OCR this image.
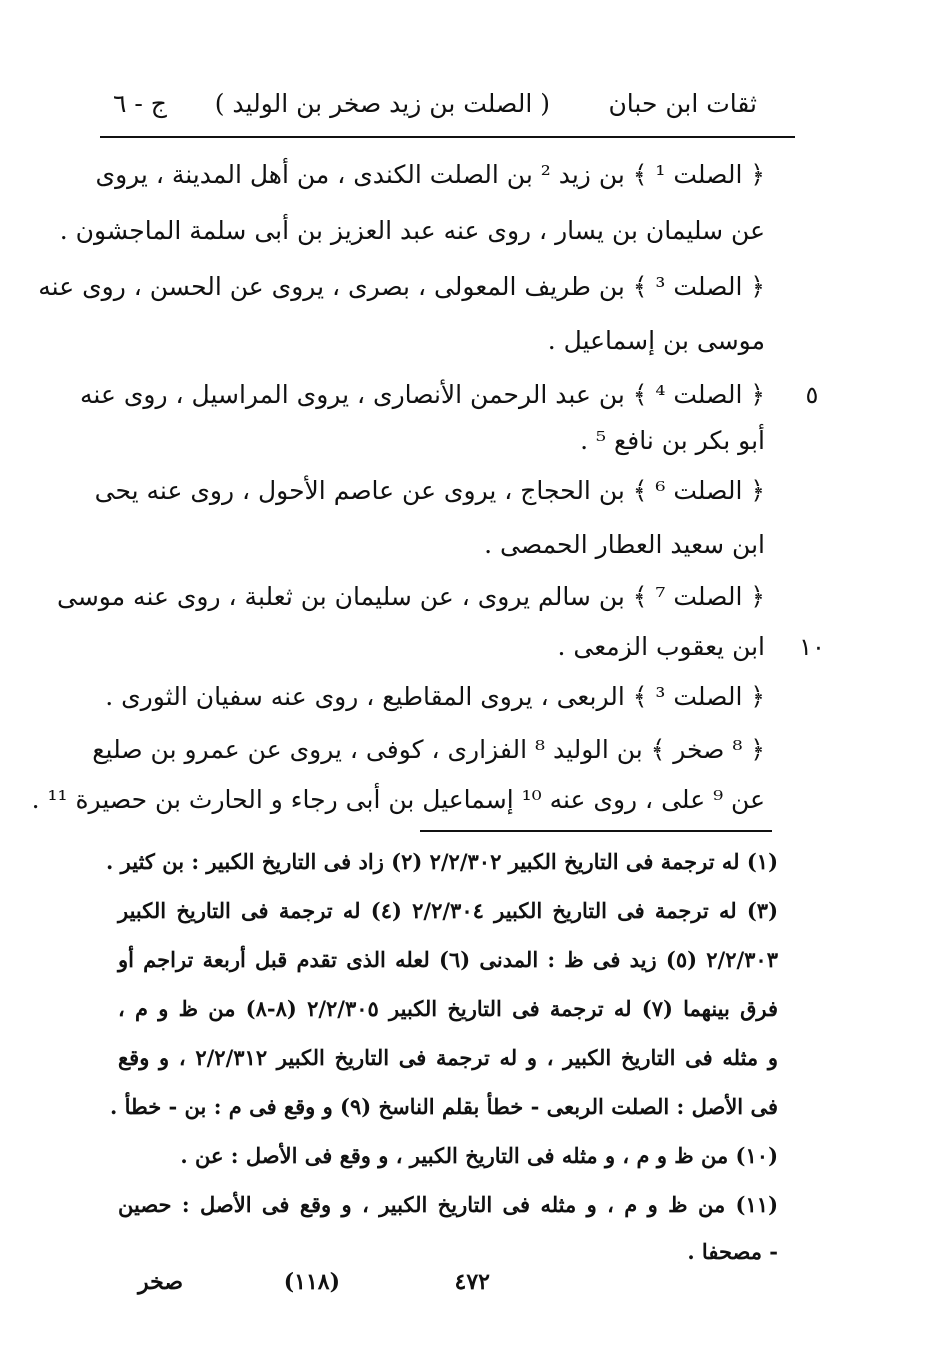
ثقات ابن حبان
( الصلت بن زيد صخر بن الوليد )
ج - ٦
﴿ الصلت ¹ ﴾ بن زيد ² بن الصلت الكندى ، من أهل المدينة ، يروى
عن سليمان بن يسار ، روى عنه عبد العزيز بن أبى سلمة الماجشون .
﴿ الصلت ³ ﴾ بن طريف المعولى ، بصرى ، يروى عن الحسن ، روى عنه
موسى بن إسماعيل .
﴿ الصلت ⁴ ﴾ بن عبد الرحمن الأنصارى ، يروى المراسيل ، روى عنه	٥
أبو بكر بن نافع ⁵ .
﴿ الصلت ⁶ ﴾ بن الحجاج ، يروى عن عاصم الأحول ، روى عنه يحى
ابن سعيد العطار الحمصى .
﴿ الصلت ⁷ ﴾ بن سالم يروى ، عن سليمان بن ثعلبة ، روى عنه موسى
ابن يعقوب الزمعى . ١٠
﴿ الصلت ³ ﴾ الربعى ، يروى المقاطيع ، روى عنه سفيان الثورى .
﴿ ⁸ صخر ﴾ بن الوليد ⁸ الفزارى ، كوفى ، يروى عن عمرو بن صليع
عن ⁹ على ، روى عنه ¹⁰ إسماعيل بن أبى رجاء و الحارث بن حصيرة ¹¹ .
(١) له ترجمة فى التاريخ الكبير ٢/٢/٣٠٢ (٢) زاد فى التاريخ الكبير : بن كثير .
(٣) له ترجمة فى التاريخ الكبير ٢/٢/٣٠٤ (٤) له ترجمة فى التاريخ الكبير
٢/٢/٣٠٣ (٥) زيد فى ظ : المدنى (٦) لعله الذى تقدم قبل أربعة تراجم أو
فرق بينهما (٧) له ترجمة فى التاريخ الكبير ٢/٢/٣٠٥ (٨-٨) من ظ و م ،
و مثله فى التاريخ الكبير ، و له ترجمة فى التاريخ الكبير ٢/٢/٣١٢ ، و وقع
فى الأصل : الصلت الربعى - خطأ بقلم الناسخ (٩) و وقع فى م : بن - خطأ .
(١٠) من ظ و م ، و مثله فى التاريخ الكبير ، و وقع فى الأصل : عن .
(١١) من ظ و م ، و مثله فى التاريخ الكبير ، و وقع فى الأصل : حصين
- مصحفا .
٤٧٢
(١١٨)
صخر
